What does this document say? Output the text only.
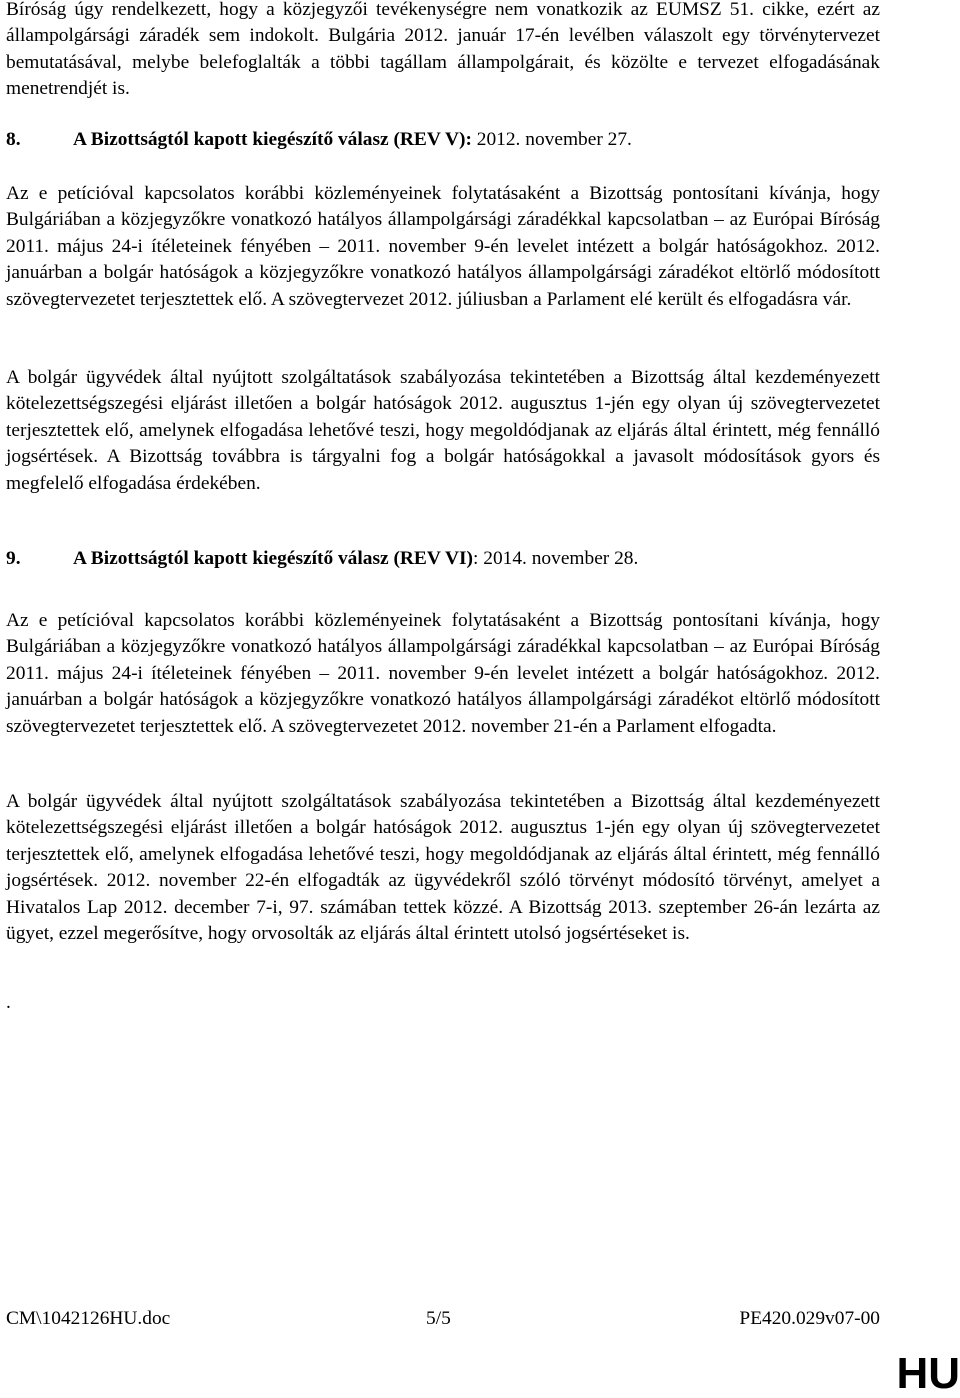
Bíróság úgy rendelkezett, hogy a közjegyzői tevékenységre nem vonatkozik az EUMSZ 51. cikke, ezért az állampolgársági záradék sem indokolt. Bulgária 2012. január 17-én levélben válaszolt egy törvénytervezet bemutatásával, melybe belefoglalták a többi tagállam állampolgárait, és közölte e tervezet elfogadásának menetrendjét is.

8.	A Bizottságtól kapott kiegészítő válasz (REV V): 2012. november 27.

Az e petícióval kapcsolatos korábbi közleményeinek folytatásaként a Bizottság pontosítani kívánja, hogy Bulgáriában a közjegyzőkre vonatkozó hatályos állampolgársági záradékkal kapcsolatban – az Európai Bíróság 2011. május 24-i ítéleteinek fényében – 2011. november 9-én levelet intézett a bolgár hatóságokhoz. 2012. januárban a bolgár hatóságok a közjegyzőkre vonatkozó hatályos állampolgársági záradékot eltörlő módosított szövegtervezetet terjesztettek elő. A szövegtervezet 2012. júliusban a Parlament elé került és elfogadásra vár.

A bolgár ügyvédek által nyújtott szolgáltatások szabályozása tekintetében a Bizottság által kezdeményezett kötelezettségszegési eljárást illetően a bolgár hatóságok 2012. augusztus 1-jén egy olyan új szövegtervezetet terjesztettek elő, amelynek elfogadása lehetővé teszi, hogy megoldódjanak az eljárás által érintett, még fennálló jogsértések. A Bizottság továbbra is tárgyalni fog a bolgár hatóságokkal a javasolt módosítások gyors és megfelelő elfogadása érdekében.

9.	A Bizottságtól kapott kiegészítő válasz (REV VI): 2014. november 28.

Az e petícióval kapcsolatos korábbi közleményeinek folytatásaként a Bizottság pontosítani kívánja, hogy Bulgáriában a közjegyzőkre vonatkozó hatályos állampolgársági záradékkal kapcsolatban – az Európai Bíróság 2011. május 24-i ítéleteinek fényében – 2011. november 9-én levelet intézett a bolgár hatóságokhoz. 2012. januárban a bolgár hatóságok a közjegyzőkre vonatkozó hatályos állampolgársági záradékot eltörlő módosított szövegtervezetet terjesztettek elő. A szövegtervezetet 2012. november 21-én a Parlament elfogadta.

A bolgár ügyvédek által nyújtott szolgáltatások szabályozása tekintetében a Bizottság által kezdeményezett kötelezettségszegési eljárást illetően a bolgár hatóságok 2012. augusztus 1-jén egy olyan új szövegtervezetet terjesztettek elő, amelynek elfogadása lehetővé teszi, hogy megoldódjanak az eljárás által érintett, még fennálló jogsértések. 2012. november 22-én elfogadták az ügyvédekről szóló törvényt módosító törvényt, amelyet a Hivatalos Lap 2012. december 7-i, 97. számában tettek közzé. A Bizottság 2013. szeptember 26-án lezárta az ügyet, ezzel megerősítve, hogy orvosolták az eljárás által érintett utolsó jogsértéseket is.

.
CM\1042126HU.doc	5/5	PE420.029v07-00
HU
